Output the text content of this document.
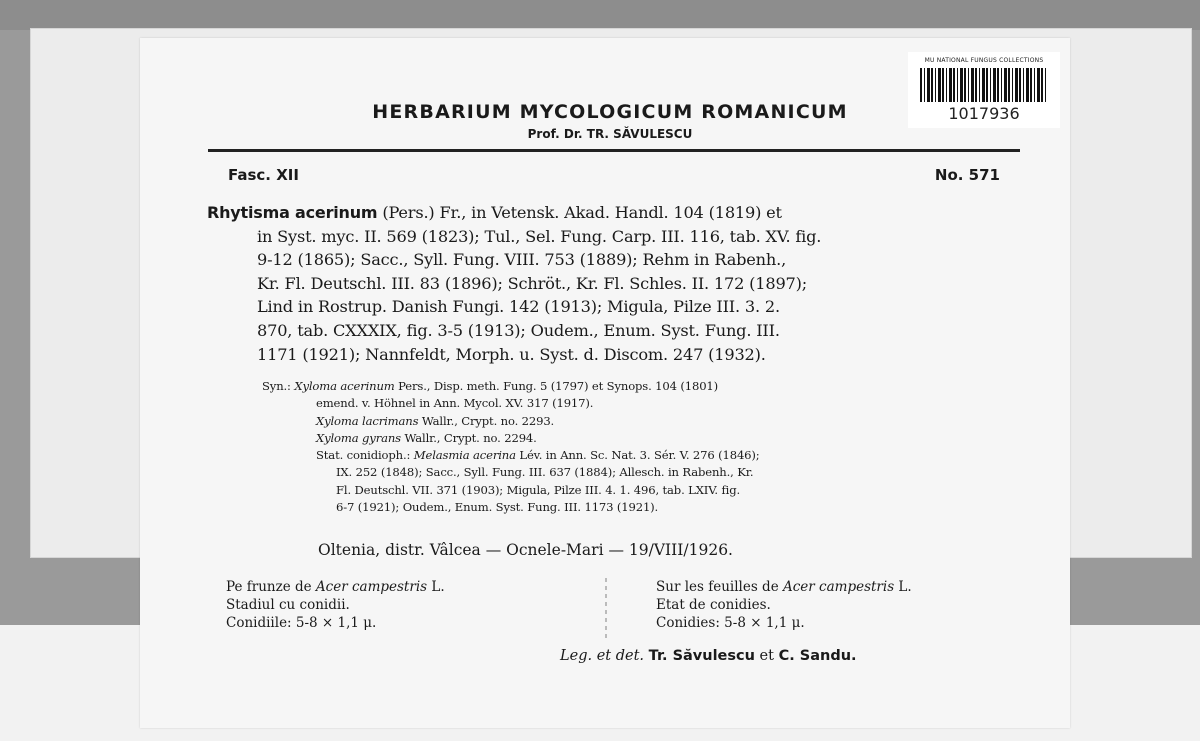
MU NATIONAL FUNGUS COLLECTIONS
1017936
HERBARIUM MYCOLOGICUM ROMANICUM
Prof. Dr. TR. SĂVULESCU
Fasc. XII	No. 571
Rhytisma acerinum (Pers.) Fr., in Vetensk. Akad. Handl. 104 (1819) et
in Syst. myc. II. 569 (1823); Tul., Sel. Fung. Carp. III. 116, tab. XV. fig.
9-12 (1865); Sacc., Syll. Fung. VIII. 753 (1889); Rehm in Rabenh.,
Kr. Fl. Deutschl. III. 83 (1896); Schröt., Kr. Fl. Schles. II. 172 (1897);
Lind in Rostrup. Danish Fungi. 142 (1913); Migula, Pilze III. 3. 2.
870, tab. CXXXIX, fig. 3-5 (1913); Oudem., Enum. Syst. Fung. III.
1171 (1921); Nannfeldt, Morph. u. Syst. d. Discom. 247 (1932).
Syn.: Xyloma acerinum Pers., Disp. meth. Fung. 5 (1797) et Synops. 104 (1801)
emend. v. Höhnel in Ann. Mycol. XV. 317 (1917).
Xyloma lacrimans Wallr., Crypt. no. 2293.
Xyloma gyrans Wallr., Crypt. no. 2294.
Stat. conidioph.: Melasmia acerina Lév. in Ann. Sc. Nat. 3. Sér. V. 276 (1846);
IX. 252 (1848); Sacc., Syll. Fung. III. 637 (1884); Allesch. in Rabenh., Kr.
Fl. Deutschl. VII. 371 (1903); Migula, Pilze III. 4. 1. 496, tab. LXIV. fig.
6-7 (1921); Oudem., Enum. Syst. Fung. III. 1173 (1921).
Oltenia, distr. Vâlcea — Ocnele-Mari — 19/VIII/1926.
Pe frunze de Acer campestris L.
Stadiul cu conidii.
Conidiile: 5-8 × 1,1 μ.
Sur les feuilles de Acer campestris L.
Etat de conidies.
Conidies: 5-8 × 1,1 μ.
Leg. et det. Tr. Săvulescu et C. Sandu.
